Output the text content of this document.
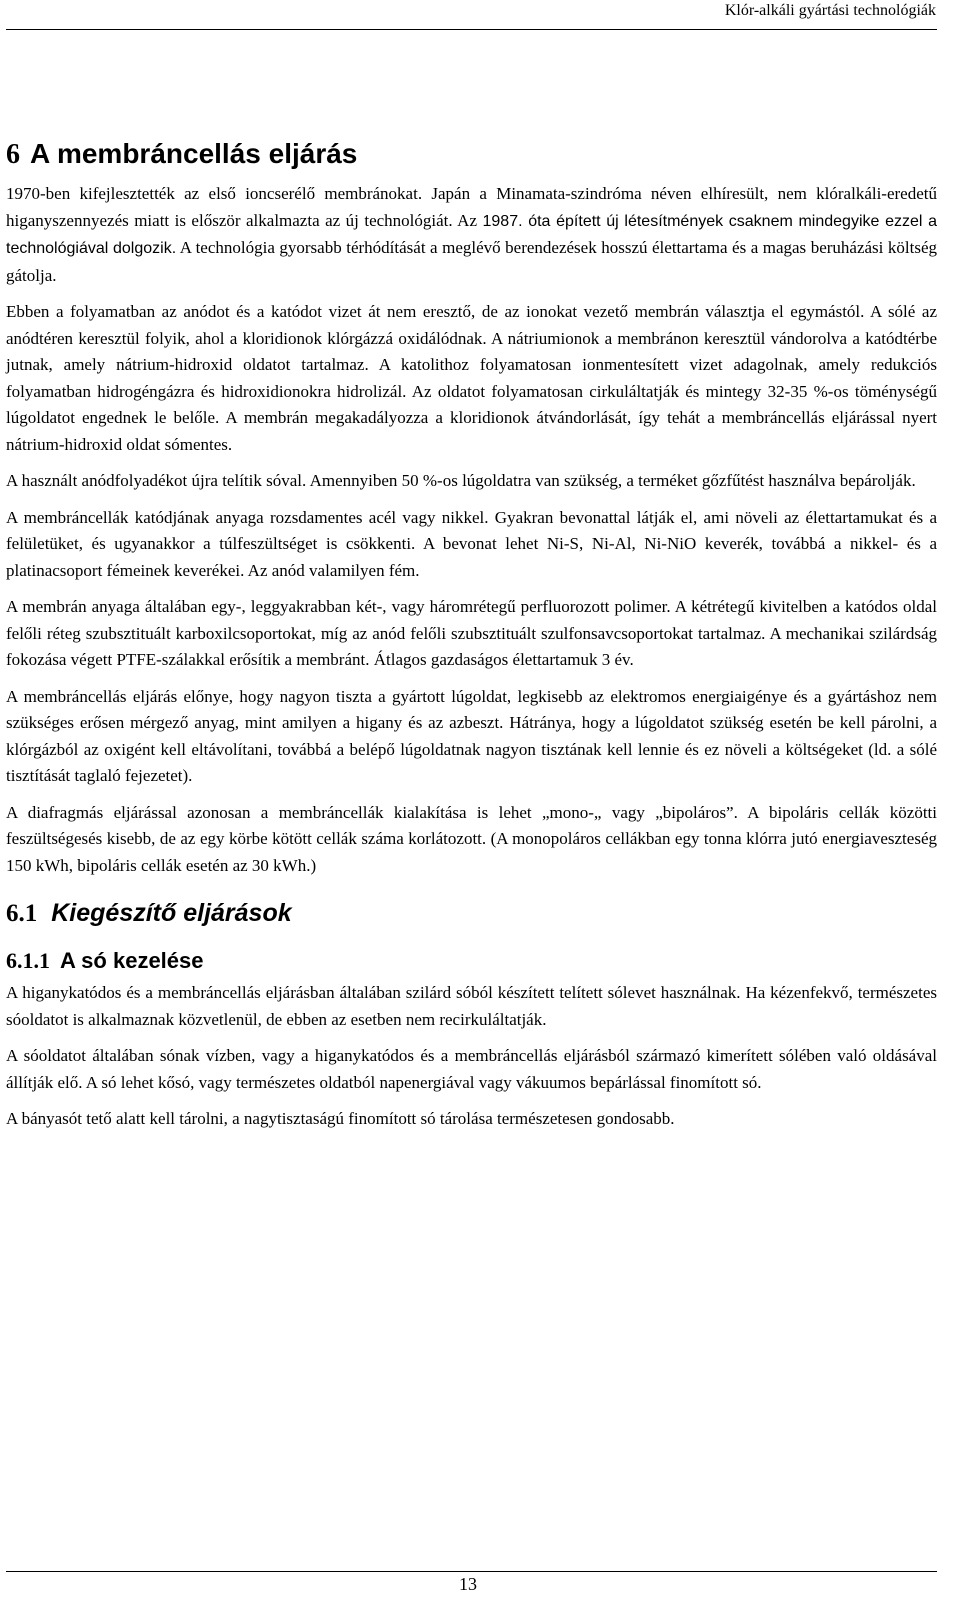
Klór-alkáli gyártási technológiák
6 A membráncellás eljárás

1970-ben kifejlesztették az első ioncserélő membránokat. Japán a Minamata-szindróma néven elhíresült, nem klóralkáli-eredetű higanyszennyezés miatt is először alkalmazta az új technológiát. Az 1987. óta épített új létesítmények csaknem mindegyike ezzel a technológiával dolgozik. A technológia gyorsabb térhódítását a meglévő berendezések hosszú élettartama és a magas beruházási költség gátolja.

Ebben a folyamatban az anódot és a katódot vizet át nem eresztő, de az ionokat vezető membrán választja el egymástól. A sólé az anódtéren keresztül folyik, ahol a kloridionok klórgázzá oxidálódnak. A nátriumionok a membránon keresztül vándorolva a katódtérbe jutnak, amely nátrium-hidroxid oldatot tartalmaz. A katolithoz folyamatosan ionmentesített vizet adagolnak, amely redukciós folyamatban hidrogéngázra és hidroxidionokra hidrolizál. Az oldatot folyamatosan cirkuláltatják és mintegy 32-35 %-os töménységű lúgoldatot engednek le belőle. A membrán megakadályozza a kloridionok átvándorlását, így tehát a membráncellás eljárással nyert nátrium-hidroxid oldat sómentes.

A használt anódfolyadékot újra telítik sóval. Amennyiben 50 %-os lúgoldatra van szükség, a terméket gőzfűtést használva bepárolják.

A membráncellák katódjának anyaga rozsdamentes acél vagy nikkel. Gyakran bevonattal látják el, ami növeli az élettartamukat és a felületüket, és ugyanakkor a túlfeszültséget is csökkenti. A bevonat lehet Ni-S, Ni-Al, Ni-NiO keverék, továbbá a nikkel- és a platinacsoport fémeinek keverékei. Az anód valamilyen fém.

A membrán anyaga általában egy-, leggyakrabban két-, vagy háromrétegű perfluorozott polimer. A kétrétegű kivitelben a katódos oldal felőli réteg szubsztituált karboxilcsoportokat, míg az anód felőli szubsztituált szulfonsavcsoportokat tartalmaz. A mechanikai szilárdság fokozása végett PTFE-szálakkal erősítik a membránt. Átlagos gazdaságos élettartamuk 3 év.

A membráncellás eljárás előnye, hogy nagyon tiszta a gyártott lúgoldat, legkisebb az elektromos energiaigénye és a gyártáshoz nem szükséges erősen mérgező anyag, mint amilyen a higany és az azbeszt. Hátránya, hogy a lúgoldatot szükség esetén be kell párolni, a klórgázból az oxigént kell eltávolítani, továbbá a belépő lúgoldatnak nagyon tisztának kell lennie és ez növeli a költségeket (ld. a sólé tisztítását taglaló fejezetet).

A diafragmás eljárással azonosan a membráncellák kialakítása is lehet „mono-„ vagy „bipoláros”. A bipoláris cellák közötti feszültségesés kisebb, de az egy körbe kötött cellák száma korlátozott. (A monopoláros cellákban egy tonna klórra jutó energiaveszteség 150 kWh, bipoláris cellák esetén az 30 kWh.)

6.1 Kiegészítő eljárások
6.1.1 A só kezelése

A higanykatódos és a membráncellás eljárásban általában szilárd sóból készített telített sólevet használnak. Ha kézenfekvő, természetes sóoldatot is alkalmaznak közvetlenül, de ebben az esetben nem recirkuláltatják.

A sóoldatot általában sónak vízben, vagy a higanykatódos és a membráncellás eljárásból származó kimerített sólében való oldásával állítják elő. A só lehet kősó, vagy természetes oldatból napenergiával vagy vákuumos bepárlással finomított só.

A bányasót tető alatt kell tárolni, a nagytisztaságú finomított só tárolása természetesen gondosabb.

13
